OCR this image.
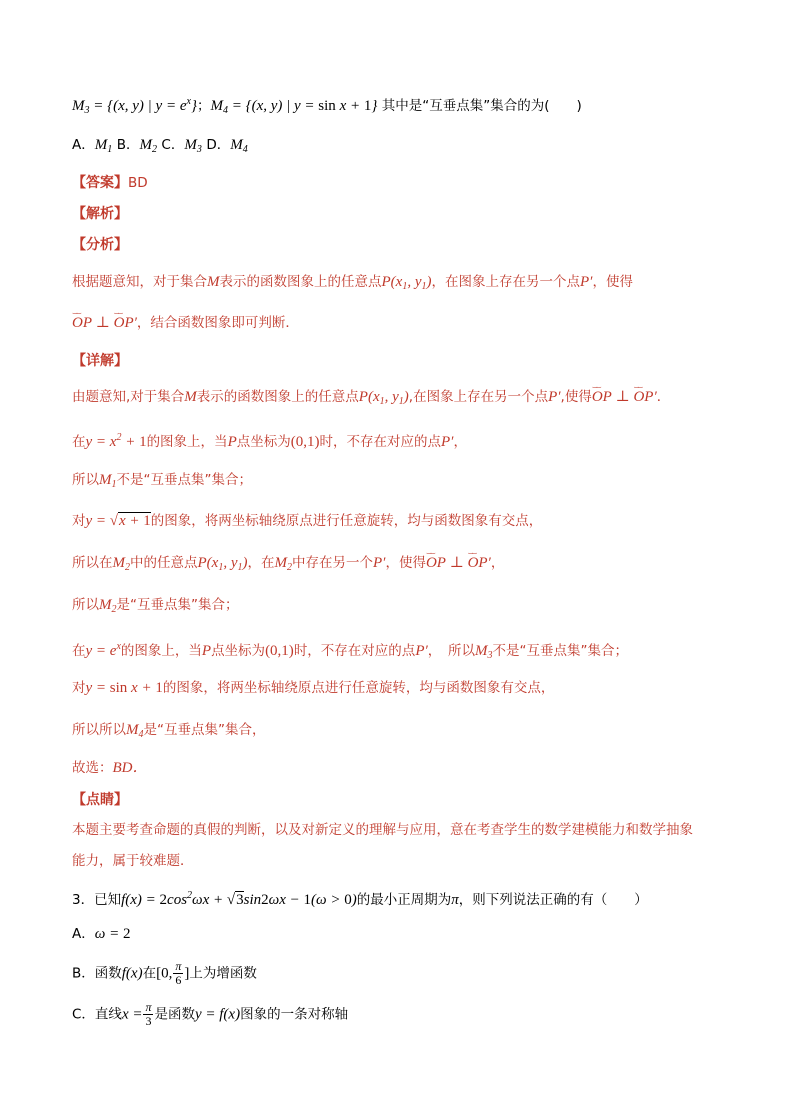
$M_3 = \{(x$, y) | $y = e^x$}；$M_4 = \{(x$, y) | y = sin x + 1} 其中是“互垂点集”集合的为(　　)
A．$M_1$ B．$M_2$ C．$M_3$ D．$M_4$
【答案】BD
【解析】
【分析】
根据题意知，对于集合M表示的函数图象上的任意点$P(x_1$, $y_1$)，在图象上存在另一个点P′，使得
⌣⌣ OP ⊥ ⌣⌣ OP′，结合函数图象即可判断．
【详解】
由题意知,对于集合M表示的函数图象上的任意点$P(x_1$, $y_1$),在图象上存在另一个点P′,使得⌣⌣ OP ⊥ ⌣⌣ OP′．
在$y = x^2 + 1$的图象上，当P点坐标为(0,1)时，不存在对应的点P′，
所以$M_1$不是“互垂点集”集合；
对y = √x + 1的图象，将两坐标轴绕原点进行任意旋转，均与函数图象有交点，
所以在$M_2$中的任意点$P(x_1$, $y_1$)，在$M_2$中存在另一个P′，使得⌣⌣ OP ⊥ ⌣⌣ OP′，
所以$M_2$是“互垂点集”集合；
在$y = e^x$的图象上，当P点坐标为(0,1)时，不存在对应的点P′，　所以$M_3$不是“互垂点集”集合；
对y = sin x + 1的图象，将两坐标轴绕原点进行任意旋转，均与函数图象有交点，
所以所以$M_4$是“互垂点集”集合，
故选：BD．
【点睛】
本题主要考查命题的真假的判断，以及对新定义的理解与应用，意在考查学生的数学建模能力和数学抽象
能力，属于较难题．
3．已知$f(x) = 2\cos^2\omega x + √3\sin 2\omega x - 1(\omega > 0)$的最小正周期为π，则下列说法正确的有（　　）
A．ω = 2
B．函数f(x)在[0, $\frac{\pi}{6}$ ]上为增函数
C．直线$x = \frac{\pi}{3}$ 是函数y = f(x)图象的一条对称轴
